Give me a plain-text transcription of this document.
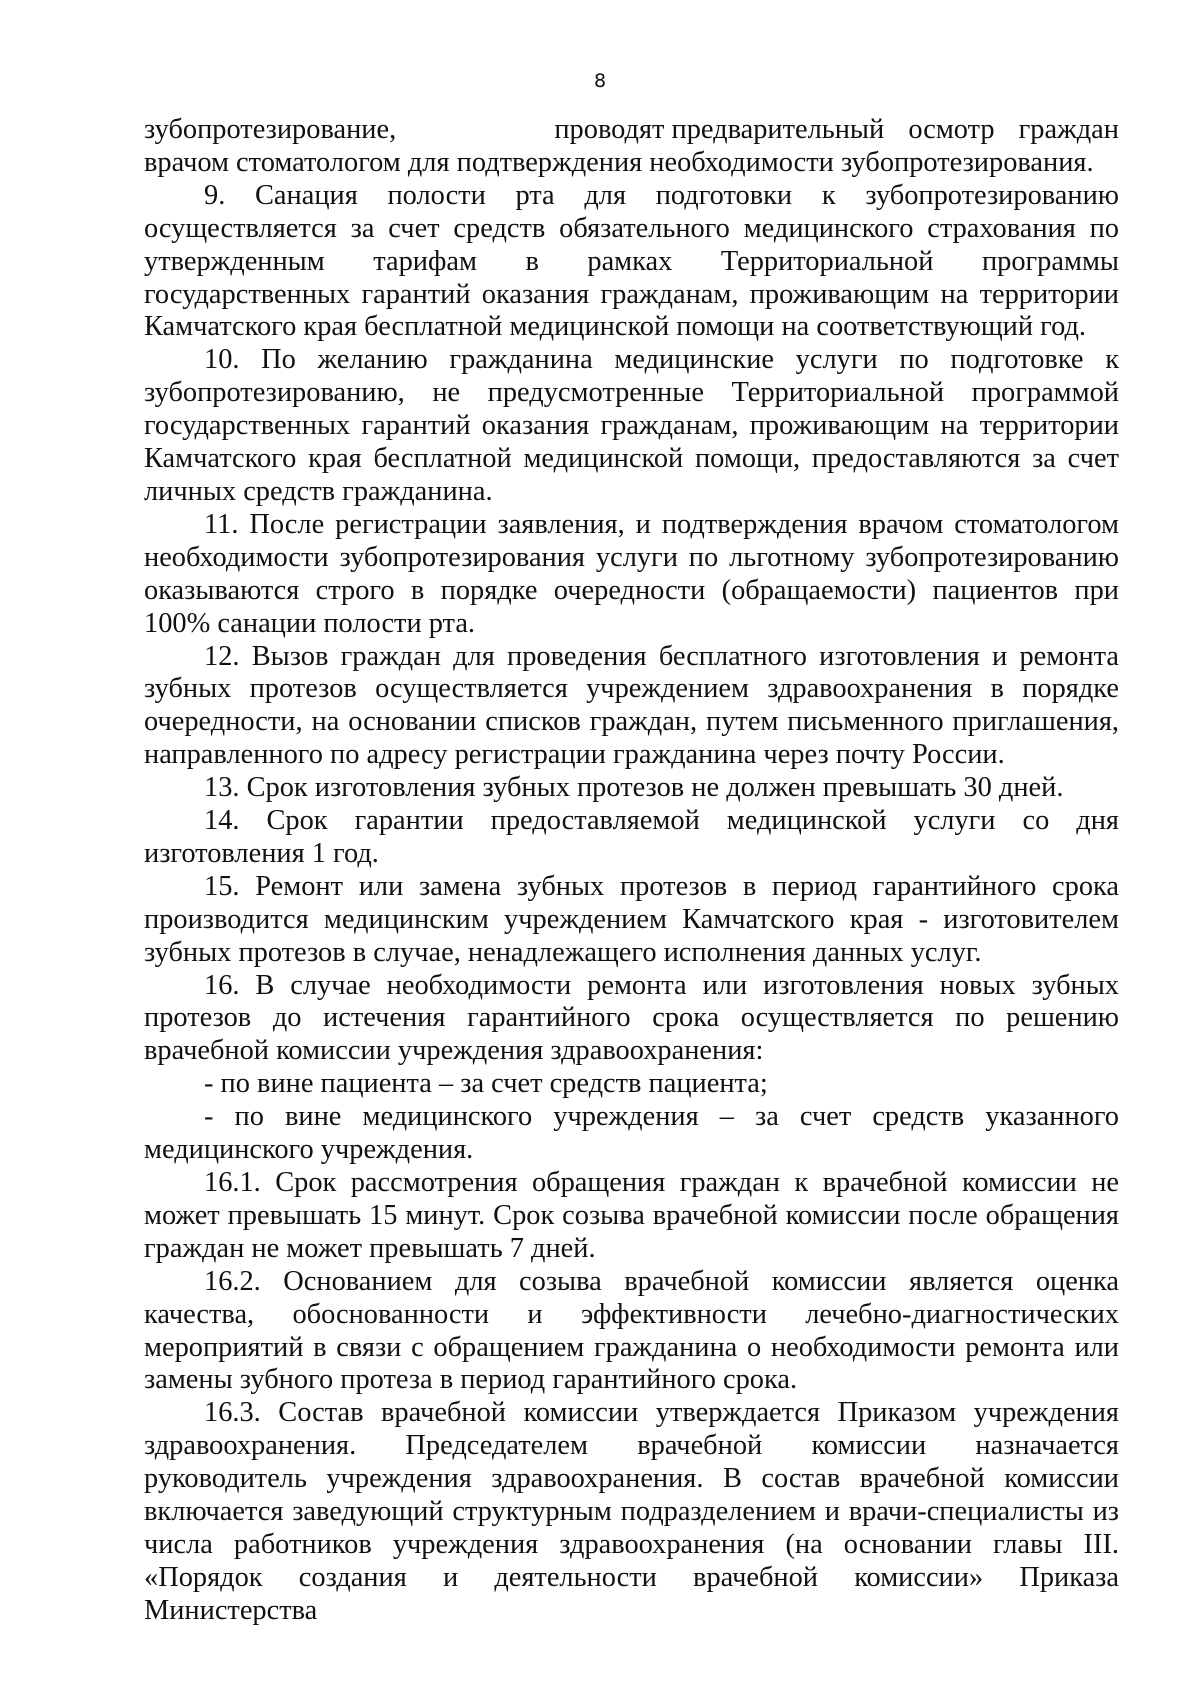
8
зубопротезирование,	проводят предварительный осмотр граждан

врачом стоматологом для подтверждения необходимости зубопротезирования.

9. Санация полости рта для подготовки к зубопротезированию осуществляется за счет средств обязательного медицинского страхования по утвержденным тарифам в рамках Территориальной программы государственных гарантий оказания гражданам, проживающим на территории Камчатского края бесплатной медицинской помощи на соответствующий год.

10. По желанию гражданина медицинские услуги по подготовке к зубопротезированию, не предусмотренные Территориальной программой государственных гарантий оказания гражданам, проживающим на территории Камчатского края бесплатной медицинской помощи, предоставляются за счет личных средств гражданина.

11. После регистрации заявления, и подтверждения врачом стоматологом необходимости зубопротезирования услуги по льготному зубопротезированию оказываются строго в порядке очередности (обращаемости) пациентов при 100% санации полости рта.

12. Вызов граждан для проведения бесплатного изготовления и ремонта зубных протезов осуществляется учреждением здравоохранения в порядке очередности, на основании списков граждан, путем письменного приглашения, направленного по адресу регистрации гражданина через почту России.

13. Срок изготовления зубных протезов не должен превышать 30 дней.

14. Срок гарантии предоставляемой медицинской услуги со дня изготовления 1 год.

15. Ремонт или замена зубных протезов в период гарантийного срока производится медицинским учреждением Камчатского края - изготовителем зубных протезов в случае, ненадлежащего исполнения данных услуг.

16. В случае необходимости ремонта или изготовления новых зубных протезов до истечения гарантийного срока осуществляется по решению врачебной комиссии учреждения здравоохранения:

- по вине пациента – за счет средств пациента;

- по вине медицинского учреждения – за счет средств указанного медицинского учреждения.

16.1. Срок рассмотрения обращения граждан к врачебной комиссии не может превышать 15 минут. Срок созыва врачебной комиссии после обращения граждан не может превышать 7 дней.

16.2. Основанием для созыва врачебной комиссии является оценка качества, обоснованности и эффективности лечебно-диагностических мероприятий в связи с обращением гражданина о необходимости ремонта или замены зубного протеза в период гарантийного срока.

16.3. Состав врачебной комиссии утверждается Приказом учреждения здравоохранения. Председателем врачебной комиссии назначается руководитель учреждения здравоохранения. В состав врачебной комиссии включается заведующий структурным подразделением и врачи-специалисты из числа работников учреждения здравоохранения (на основании главы III. «Порядок создания и деятельности врачебной комиссии» Приказа Министерства
